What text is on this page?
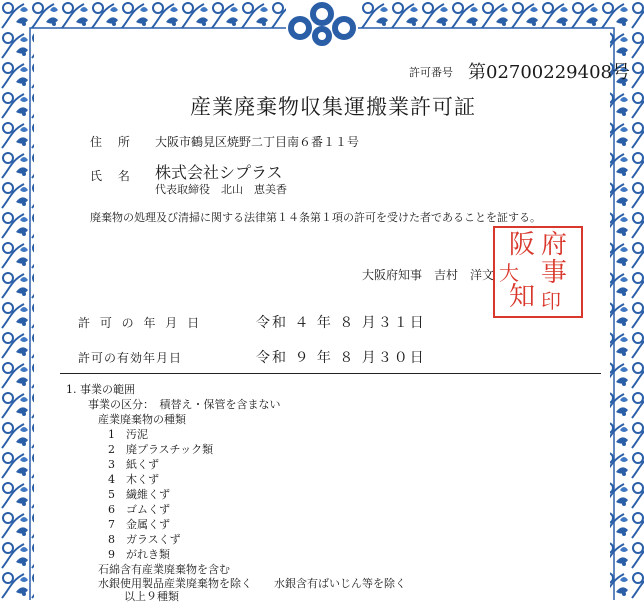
許可番号 第02700229408号
産業廃棄物収集運搬業許可証
住 所 大阪市鶴見区焼野二丁目南６番１１号
氏 名 株式会社シプラス
代表取締役　北山　恵美香
廃棄物の処理及び清掃に関する法律第１４条第１項の許可を受けた者であることを証する。
大阪府知事　吉村　洋文
府
事
印
阪
大
知
許 可 の 年 月 日	令和 ４ 年 ８ 月３１日
許可の有効年月日	令和 ９ 年 ８ 月３０日
1. 事業の範囲
事業の区分：　積替え・保管を含まない
産業廃棄物の種類
1　汚泥
2　廃プラスチック類
3　紙くず
4　木くず
5　繊維くず
6　ゴムくず
7　金属くず
8　ガラスくず
9　がれき類
石綿含有産業廃棄物を含む
水銀使用製品産業廃棄物を除く　　水銀含有ばいじん等を除く
以上９種類
